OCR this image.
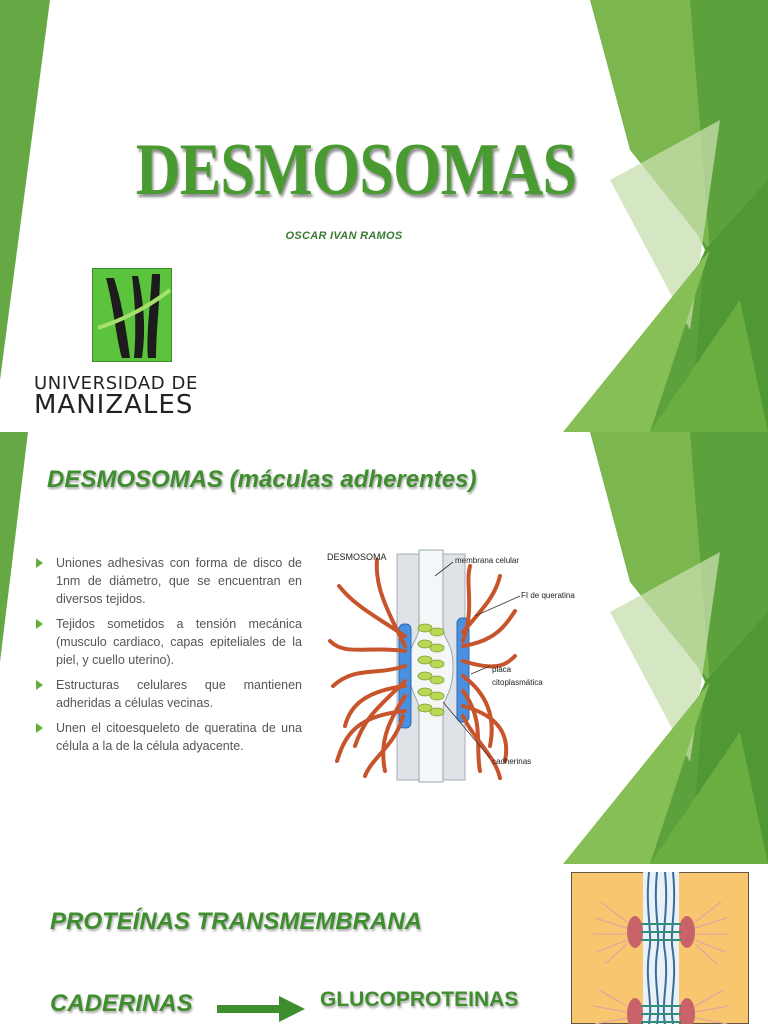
DESMOSOMAS
OSCAR IVAN RAMOS
UNIVERSIDAD DE
MANIZALES
DESMOSOMAS (máculas adherentes)
Uniones adhesivas con forma de disco de 1nm de diámetro, que se encuentran en diversos tejidos.
Tejidos sometidos a tensión mecánica (musculo cardiaco, capas epiteliales de la piel, y cuello uterino).
Estructuras celulares que mantienen adheridas a células vecinas.
Unen el citoesqueleto de queratina de una célula a la de la célula adyacente.
DESMOSOMA	membrana celular
FI de queratina
placa
citoplasmática
cadherinas
PROTEÍNAS TRANSMEMBRANA
CADERINAS	GLUCOPROTEINAS
